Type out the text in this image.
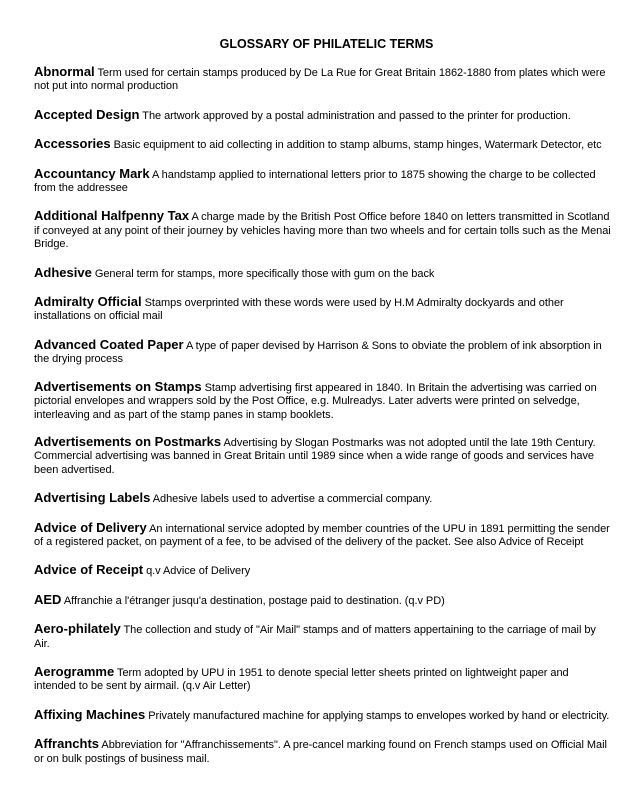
GLOSSARY OF PHILATELIC TERMS

Abnormal Term used for certain stamps produced by De La Rue for Great Britain 1862-1880 from plates which were not put into normal production

Accepted Design The artwork approved by a postal administration and passed to the printer for production.

Accessories Basic equipment to aid collecting in addition to stamp albums, stamp hinges, Watermark Detector, etc

Accountancy Mark A handstamp applied to international letters prior to 1875 showing the charge to be collected from the addressee

Additional Halfpenny Tax A charge made by the British Post Office before 1840 on letters transmitted in Scotland if conveyed at any point of their journey by vehicles having more than two wheels and for certain tolls such as the Menai Bridge.

Adhesive General term for stamps, more specifically those with gum on the back

Admiralty Official Stamps overprinted with these words were used by H.M Admiralty dockyards and other installations on official mail

Advanced Coated Paper A type of paper devised by Harrison & Sons to obviate the problem of ink absorption in the drying process

Advertisements on Stamps Stamp advertising first appeared in 1840. In Britain the advertising was carried on pictorial envelopes and wrappers sold by the Post Office, e.g. Mulreadys. Later adverts were printed on selvedge, interleaving and as part of the stamp panes in stamp booklets.

Advertisements on Postmarks Advertising by Slogan Postmarks was not adopted until the late 19th Century. Commercial advertising was banned in Great Britain until 1989 since when a wide range of goods and services have been advertised.

Advertising Labels Adhesive labels used to advertise a commercial company.

Advice of Delivery An international service adopted by member countries of the UPU in 1891 permitting the sender of a registered packet, on payment of a fee, to be advised of the delivery of the packet. See also Advice of Receipt

Advice of Receipt q.v Advice of Delivery

AED Affranchie a l'étranger jusqu'a destination, postage paid to destination. (q.v PD)

Aero-philately The collection and study of "Air Mail" stamps and of matters appertaining to the carriage of mail by Air.

Aerogramme Term adopted by UPU in 1951 to denote special letter sheets printed on lightweight paper and intended to be sent by airmail. (q.v Air Letter)

Affixing Machines Privately manufactured machine for applying stamps to envelopes worked by hand or electricity.

Affranchts Abbreviation for "Affranchissements". A pre-cancel marking found on French stamps used on Official Mail or on bulk postings of business mail.
